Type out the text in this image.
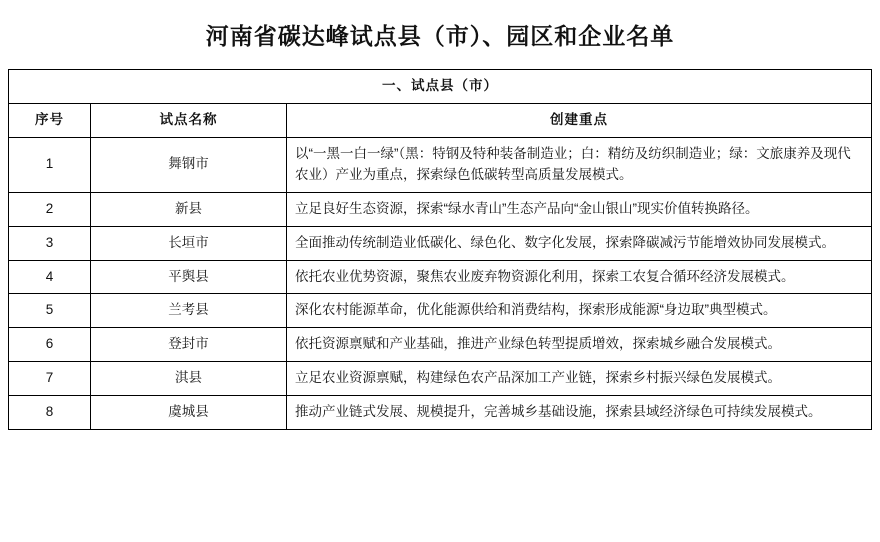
河南省碳达峰试点县（市）、园区和企业名单
一、试点县（市）		
序号	试点名称	创建重点
1	舞钢市	以“一黑一白一绿”（黑：特钢及特种装备制造业；白：精纺及纺织制造业；绿：文旅康养及现代农业）产业为重点，探索绿色低碳转型高质量发展模式。
2	新县	立足良好生态资源，探索“绿水青山”生态产品向“金山银山”现实价值转换路径。
3	长垣市	全面推动传统制造业低碳化、绿色化、数字化发展，探索降碳减污节能增效协同发展模式。
4	平舆县	依托农业优势资源，聚焦农业废弃物资源化利用，探索工农复合循环经济发展模式。
5	兰考县	深化农村能源革命，优化能源供给和消费结构，探索形成能源“身边取”典型模式。
6	登封市	依托资源禀赋和产业基础，推进产业绿色转型提质增效，探索城乡融合发展模式。
7	淇县	立足农业资源禀赋，构建绿色农产品深加工产业链，探索乡村振兴绿色发展模式。
8	虞城县	推动产业链式发展、规模提升，完善城乡基础设施，探索县域经济绿色可持续发展模式。
